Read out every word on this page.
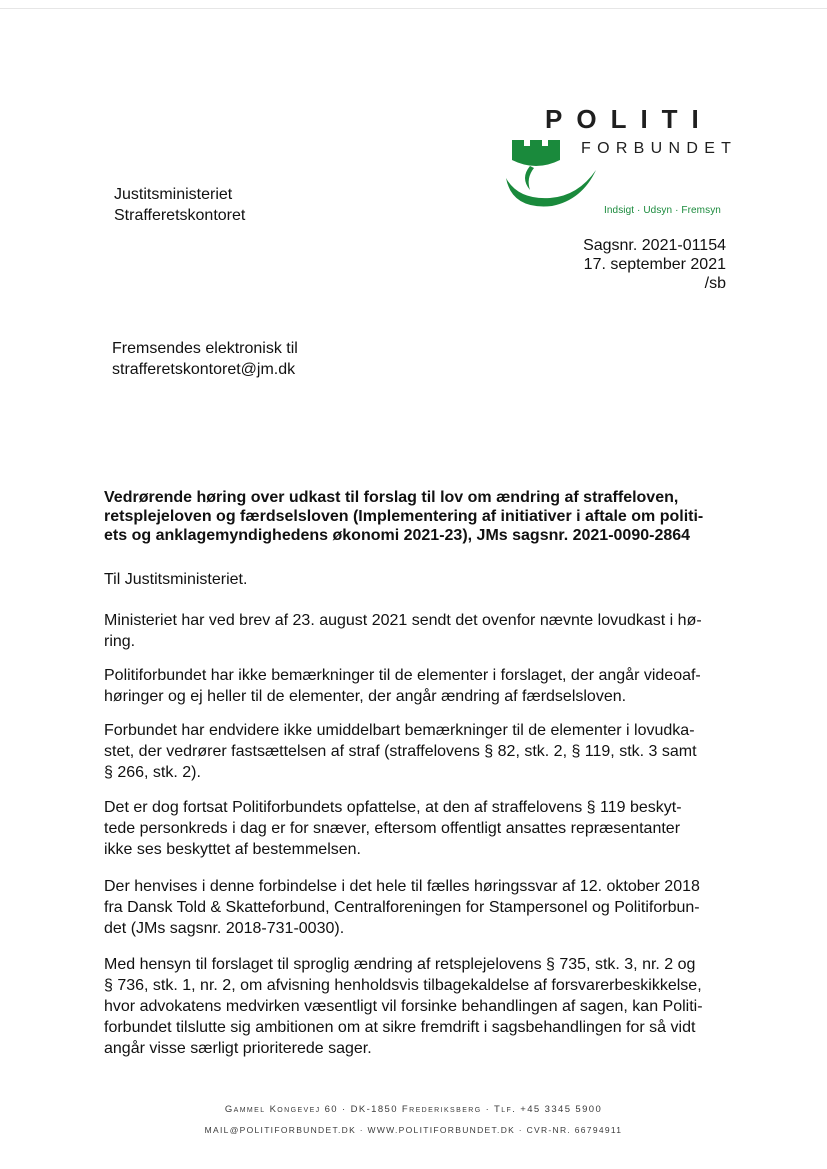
POLITI
FORBUNDET
Indsigt · Udsyn · Fremsyn
Justitsministeriet
Strafferetskontoret
Sagsnr. 2021-01154
17. september 2021
/sb
Fremsendes elektronisk til
strafferetskontoret@jm.dk
Vedrørende høring over udkast til forslag til lov om ændring af straffeloven,
retsplejeloven og færdselsloven (Implementering af initiativer i aftale om politi-
ets og anklagemyndighedens økonomi 2021-23), JMs sagsnr. 2021-0090-2864
Til Justitsministeriet.
Ministeriet har ved brev af 23. august 2021 sendt det ovenfor nævnte lovudkast i hø-
ring.
Politiforbundet har ikke bemærkninger til de elementer i forslaget, der angår videoaf-
høringer og ej heller til de elementer, der angår ændring af færdselsloven.
Forbundet har endvidere ikke umiddelbart bemærkninger til de elementer i lovudka-
stet, der vedrører fastsættelsen af straf (straffelovens § 82, stk. 2, § 119, stk. 3 samt
§ 266, stk. 2).
Det er dog fortsat Politiforbundets opfattelse, at den af straffelovens § 119 beskyt-
tede personkreds i dag er for snæver, eftersom offentligt ansattes repræsentanter
ikke ses beskyttet af bestemmelsen.
Der henvises i denne forbindelse i det hele til fælles høringssvar af 12. oktober 2018
fra Dansk Told & Skatteforbund, Centralforeningen for Stampersonel og Politiforbun-
det (JMs sagsnr. 2018-731-0030).
Med hensyn til forslaget til sproglig ændring af retsplejelovens § 735, stk. 3, nr. 2 og
§ 736, stk. 1, nr. 2, om afvisning henholdsvis tilbagekaldelse af forsvarerbeskikkelse,
hvor advokatens medvirken væsentligt vil forsinke behandlingen af sagen, kan Politi-
forbundet tilslutte sig ambitionen om at sikre fremdrift i sagsbehandlingen for så vidt
angår visse særligt prioriterede sager.
Gammel Kongevej 60 · DK-1850 Frederiksberg · Tlf. +45 3345 5900
MAIL@POLITIFORBUNDET.DK · WWW.POLITIFORBUNDET.DK · CVR-NR. 66794911
